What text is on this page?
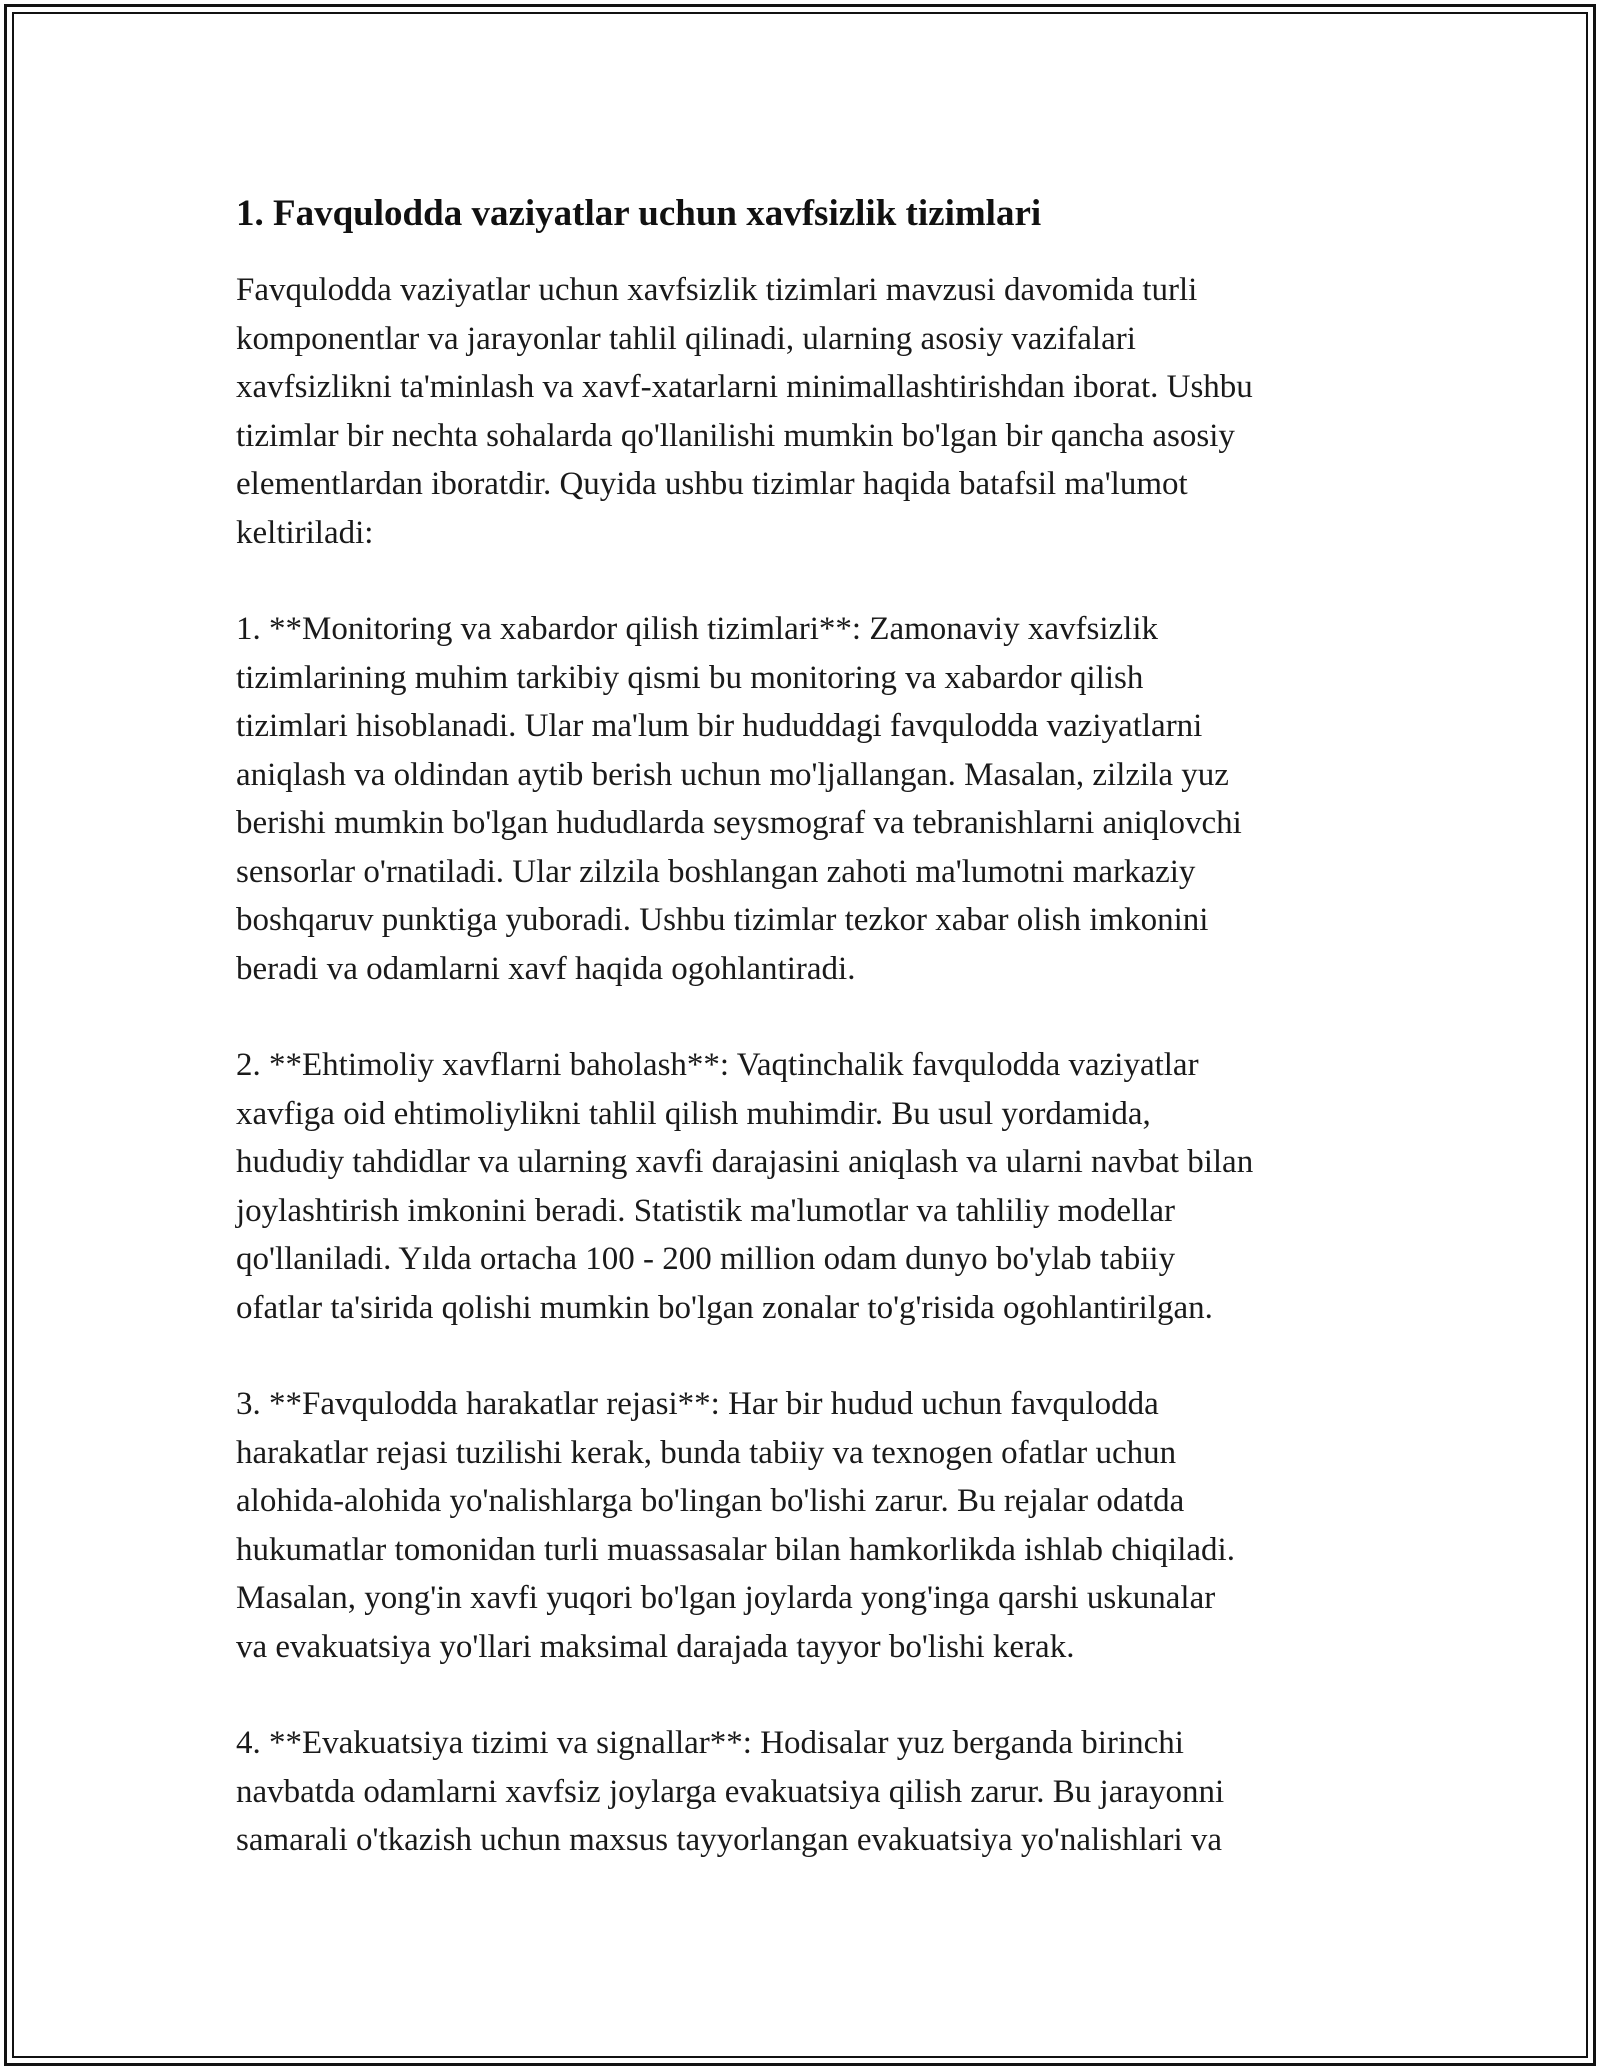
1. Favqulodda vaziyatlar uchun xavfsizlik tizimlari

Favqulodda vaziyatlar uchun xavfsizlik tizimlari mavzusi davomida turli
komponentlar va jarayonlar tahlil qilinadi, ularning asosiy vazifalari
xavfsizlikni ta'minlash va xavf-xatarlarni minimallashtirishdan iborat. Ushbu
tizimlar bir nechta sohalarda qo'llanilishi mumkin bo'lgan bir qancha asosiy
elementlardan iboratdir. Quyida ushbu tizimlar haqida batafsil ma'lumot
keltiriladi:

1. **Monitoring va xabardor qilish tizimlari**: Zamonaviy xavfsizlik
tizimlarining muhim tarkibiy qismi bu monitoring va xabardor qilish
tizimlari hisoblanadi. Ular ma'lum bir hududdagi favqulodda vaziyatlarni
aniqlash va oldindan aytib berish uchun mo'ljallangan. Masalan, zilzila yuz
berishi mumkin bo'lgan hududlarda seysmograf va tebranishlarni aniqlovchi
sensorlar o'rnatiladi. Ular zilzila boshlangan zahoti ma'lumotni markaziy
boshqaruv punktiga yuboradi. Ushbu tizimlar tezkor xabar olish imkonini
beradi va odamlarni xavf haqida ogohlantiradi.

2. **Ehtimoliy xavflarni baholash**: Vaqtinchalik favqulodda vaziyatlar
xavfiga oid ehtimoliylikni tahlil qilish muhimdir. Bu usul yordamida,
hududiy tahdidlar va ularning xavfi darajasini aniqlash va ularni navbat bilan
joylashtirish imkonini beradi. Statistik ma'lumotlar va tahliliy modellar
qo'llaniladi. Yılda ortacha 100 - 200 million odam dunyo bo'ylab tabiiy
ofatlar ta'sirida qolishi mumkin bo'lgan zonalar to'g'risida ogohlantirilgan.

3. **Favqulodda harakatlar rejasi**: Har bir hudud uchun favqulodda
harakatlar rejasi tuzilishi kerak, bunda tabiiy va texnogen ofatlar uchun
alohida-alohida yo'nalishlarga bo'lingan bo'lishi zarur. Bu rejalar odatda
hukumatlar tomonidan turli muassasalar bilan hamkorlikda ishlab chiqiladi.
Masalan, yong'in xavfi yuqori bo'lgan joylarda yong'inga qarshi uskunalar
va evakuatsiya yo'llari maksimal darajada tayyor bo'lishi kerak.

4. **Evakuatsiya tizimi va signallar**: Hodisalar yuz berganda birinchi
navbatda odamlarni xavfsiz joylarga evakuatsiya qilish zarur. Bu jarayonni
samarali o'tkazish uchun maxsus tayyorlangan evakuatsiya yo'nalishlari va
